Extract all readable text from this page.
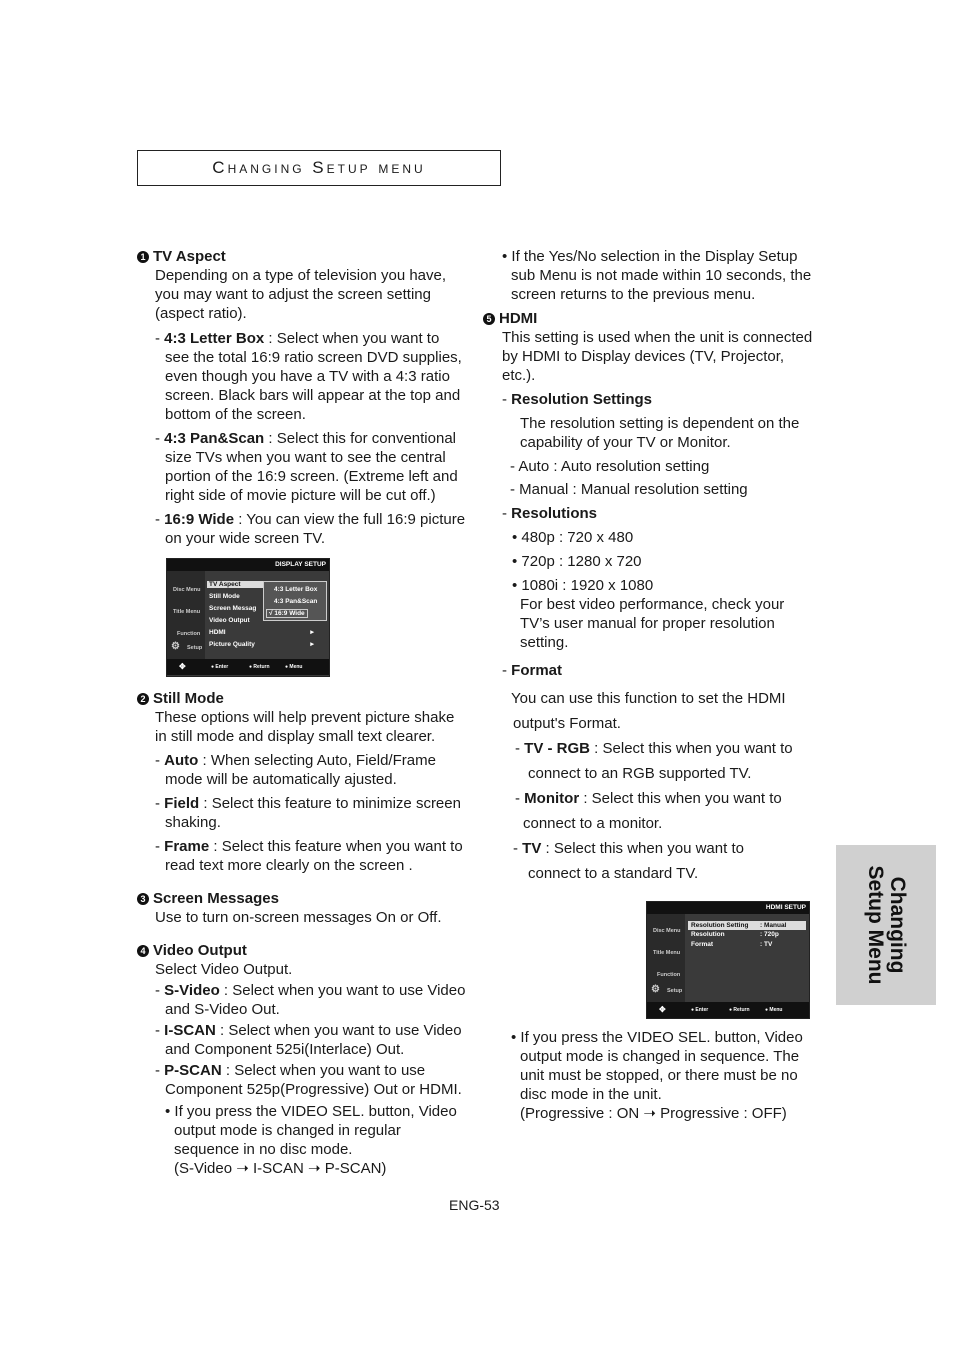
Changing Setup menu
Changing
Setup Menu

1 TV Aspect

Depending on a type of television you have, you may want to adjust the screen setting (aspect ratio).

- 4:3 Letter Box : Select when you want to see the total 16:9 ratio screen DVD supplies, even though you have a TV with a 4:3 ratio screen. Black bars will appear at the top and bottom of the screen.

- 4:3 Pan&Scan : Select this for conventional size TVs when you want to see the central portion of the 16:9 screen. (Extreme left and right side of movie picture will be cut off.)

- 16:9 Wide : You can view the full 16:9 picture on your wide screen TV.

DISPLAY SETUP
Disc Menu
Title Menu
Function
⚙ Setup
TV Aspect
Still Mode
Screen Messag
Video Output
HDMI	►
Picture Quality	►
4:3 Letter Box
4:3 Pan&Scan
√ 16:9 Wide
✥	● Enter	● Return	● Menu

2 Still Mode

These options will help prevent picture shake in still mode and display small text clearer.

- Auto : When selecting Auto, Field/Frame mode will be automatically ajusted.

- Field : Select this feature to minimize screen shaking.

- Frame : Select this feature when you want to read text more clearly on the screen .

3 Screen Messages

Use to turn on-screen messages On or Off.

4 Video Output

Select Video Output.

- S-Video : Select when you want to use Video and S-Video Out.

- I-SCAN : Select when you want to use Video and Component 525i(Interlace) Out.

- P-SCAN : Select when you want to use Component 525p(Progressive) Out or HDMI.

• If you press the VIDEO SEL. button, Video output mode is changed in regular sequence in no disc mode.

(S-Video ➝ I-SCAN ➝ P-SCAN)

• If the Yes/No selection in the Display Setup sub Menu is not made within 10 seconds, the screen returns to the previous menu.

5 HDMI

This setting is used when the unit is connected by HDMI to Display devices (TV, Projector, etc.).

- Resolution Settings

The resolution setting is dependent on the capability of your TV or Monitor.

- Auto : Auto resolution setting

- Manual : Manual resolution setting

- Resolutions

• 480p : 720 x 480

• 720p : 1280 x 720

• 1080i : 1920 x 1080

For best video performance, check your TV’s user manual for proper resolution setting.

- Format

You can use this function to set the HDMI

output's Format.

- TV - RGB : Select this when you want to

connect to an RGB supported TV.

- Monitor : Select this when you want to

connect to a monitor.

- TV : Select this when you want to

connect to a standard TV.

HDMI SETUP
Disc Menu
Title Menu
Function
⚙ Setup
Resolution Setting : Manual
Resolution	: 720p
Format	: TV
✥	● Enter	● Return	● Menu

• If you press the VIDEO SEL. button, Video output mode is changed in sequence. The unit must be stopped, or there must be no disc mode in the unit.

(Progressive : ON ➝ Progressive : OFF)

ENG-53
